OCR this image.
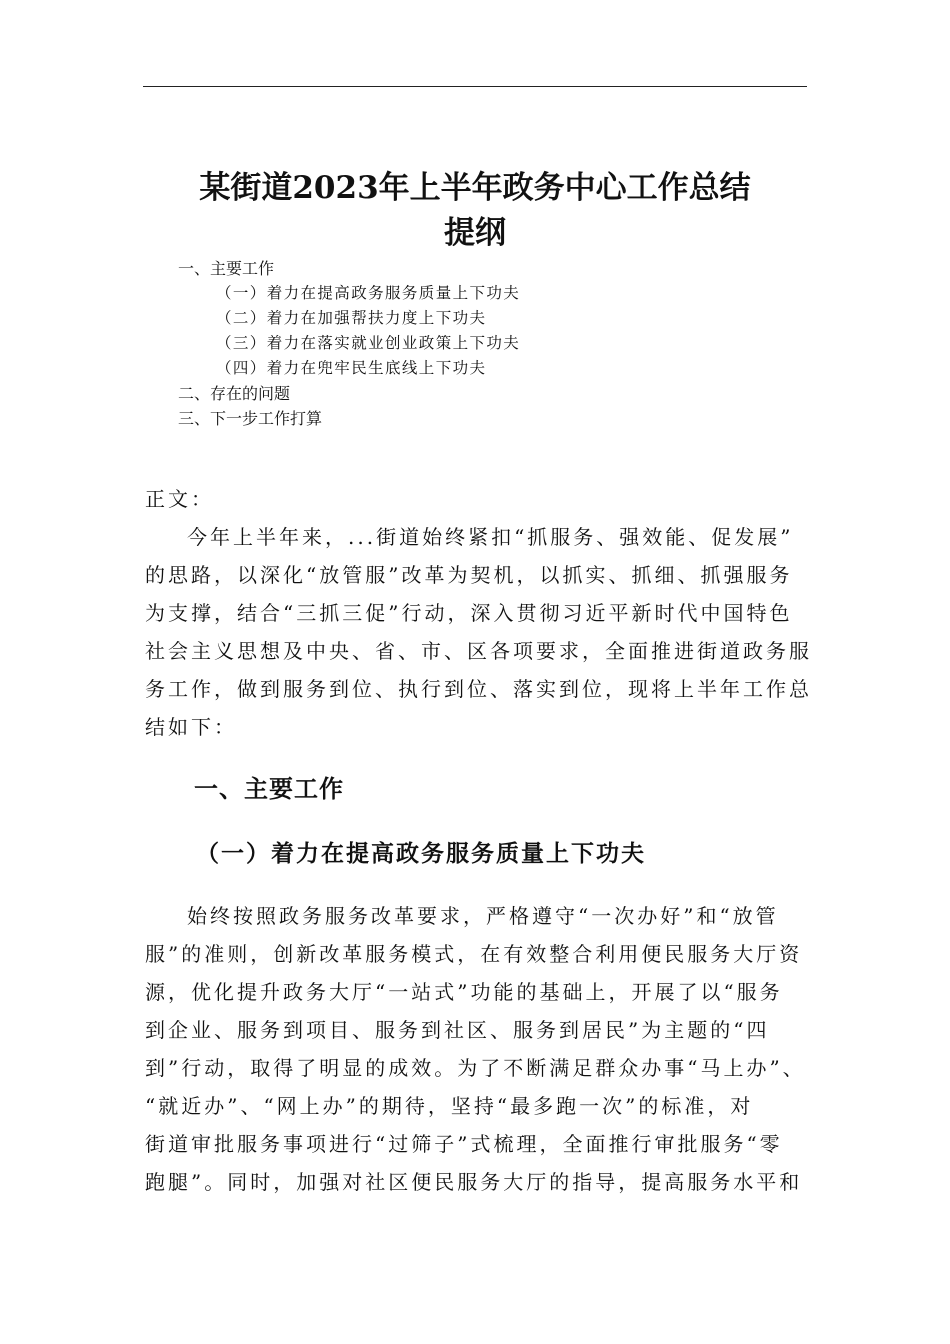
某街道2023年上半年政务中心工作总结
提纲
一、主要工作
（一）着力在提高政务服务质量上下功夫
（二）着力在加强帮扶力度上下功夫
（三）着力在落实就业创业政策上下功夫
（四）着力在兜牢民生底线上下功夫
二、存在的问题
三、下一步工作打算
正文：
今年上半年来，...街道始终紧扣“抓服务、强效能、促发展”
的思路，以深化“放管服”改革为契机，以抓实、抓细、抓强服务
为支撑，结合“三抓三促”行动，深入贯彻习近平新时代中国特色
社会主义思想及中央、省、市、区各项要求，全面推进街道政务服
务工作，做到服务到位、执行到位、落实到位，现将上半年工作总
结如下：
一、主要工作
（一）着力在提高政务服务质量上下功夫
始终按照政务服务改革要求，严格遵守“一次办好”和“放管
服”的准则，创新改革服务模式，在有效整合利用便民服务大厅资
源，优化提升政务大厅“一站式”功能的基础上，开展了以“服务
到企业、服务到项目、服务到社区、服务到居民”为主题的“四
到”行动，取得了明显的成效。为了不断满足群众办事“马上办”、
“就近办”、“网上办”的期待，坚持“最多跑一次”的标准，对
街道审批服务事项进行“过筛子”式梳理，全面推行审批服务“零
跑腿”。同时，加强对社区便民服务大厅的指导，提高服务水平和
